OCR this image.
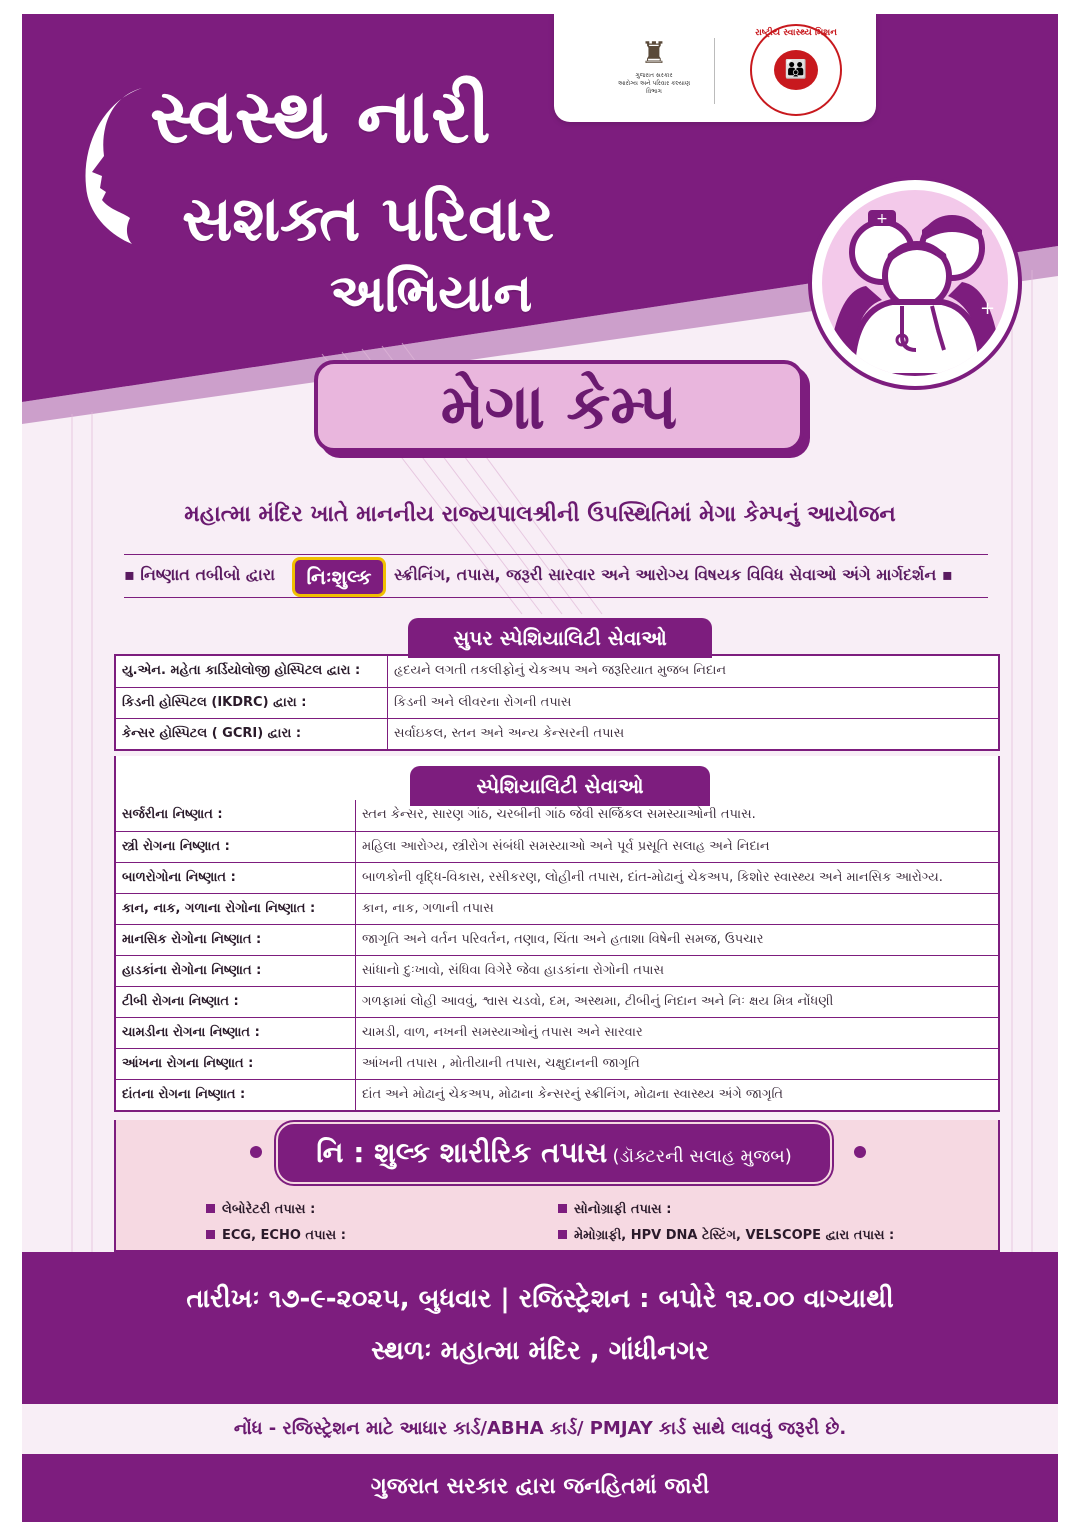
♜
ગુજરાત સરકાર
આરોગ્ય અને પરિવાર કલ્યાણ વિભાગ
રાષ્ટ્રીય સ્વાસ્થ્ય મિશન
👪
સ્વસ્થ નારી
સશક્ત પરિવાર
અભિયાન
+
+
મેગા કેમ્પ
મહાત્મા મંદિર ખાતે માનનીય રાજ્યપાલશ્રીની ઉપસ્થિતિમાં મેગા કેમ્પનું આયોજન
▪ નિષ્ણાત તબીબો દ્વારા	નિઃશુલ્ક	સ્ક્રીનિંગ, તપાસ, જરૂરી સારવાર અને આરોગ્ય વિષયક વિવિધ સેવાઓ અંગે માર્ગદર્શન ▪
યુ.એન. મહેતા કાર્ડિયોલોજી હોસ્પિટલ દ્વારા :	હૃદયને લગતી તકલીફોનું ચેકઅપ અને જરૂરિયાત મુજબ નિદાન
કિડની હોસ્પિટલ (IKDRC) દ્વારા :	કિડની અને લીવરના રોગની તપાસ
કેન્સર હોસ્પિટલ ( GCRI) દ્વારા :	સર્વાઇકલ, સ્તન અને અન્ય કેન્સરની તપાસ
સુપર સ્પેશિયાલિટી સેવાઓ
સર્જરીના નિષ્ણાત :	સ્તન કેન્સર, સારણ ગાંઠ, ચરબીની ગાંઠ જેવી સર્જિકલ સમસ્યાઓની તપાસ.
સ્ત્રી રોગના નિષ્ણાત :	મહિલા આરોગ્ય, સ્ત્રીરોગ સંબંધી સમસ્યાઓ અને પૂર્વ પ્રસૂતિ સલાહ અને નિદાન
બાળરોગોના નિષ્ણાત :	બાળકોની વૃદ્ધિ-વિકાસ, રસીકરણ, લોહીની તપાસ, દાંત-મોઢાનું ચેકઅપ, કિશોર સ્વાસ્થ્ય અને માનસિક આરોગ્ય.
કાન, નાક, ગળાના રોગોના નિષ્ણાત :	કાન, નાક, ગળાની તપાસ
માનસિક રોગોના નિષ્ણાત :	જાગૃતિ અને વર્તન પરિવર્તન, તણાવ, ચિંતા અને હતાશા વિષેની સમજ, ઉપચાર
હાડકાંના રોગોના નિષ્ણાત :	સાંધાનો દુઃખાવો, સંધિવા વિગેરે જેવા હાડકાંના રોગોની તપાસ
ટીબી રોગના નિષ્ણાત :	ગળફામાં લોહી આવવું, શ્વાસ ચડવો, દમ, અસ્થમા, ટીબીનું નિદાન અને નિઃ ક્ષય મિત્ર નોંધણી
ચામડીના રોગના નિષ્ણાત :	ચામડી, વાળ, નખની સમસ્યાઓનું તપાસ અને સારવાર
આંખના રોગના નિષ્ણાત :	આંખની તપાસ , મોતીયાની તપાસ, ચક્ષુદાનની જાગૃતિ
દાંતના રોગના નિષ્ણાત :	દાંત અને મોઢાનું ચેકઅપ, મોઢાના કેન્સરનું સ્ક્રીનિંગ, મોઢાના સ્વાસ્થ્ય અંગે જાગૃતિ
સ્પેશિયાલિટી સેવાઓ
નિ : શુલ્ક શારીરિક તપાસ (ડૉક્ટરની સલાહ મુજબ)
લેબોરેટરી તપાસ :
ECG, ECHO તપાસ :
સોનોગ્રાફી તપાસ :
મેમોગ્રાફી, HPV DNA ટેસ્ટિંગ, VELSCOPE દ્વારા તપાસ :
તારીખઃ ૧૭-૯-૨૦૨૫, બુધવાર | રજિસ્ટ્રેશન : બપોરે ૧૨.૦૦ વાગ્યાથી
સ્થળઃ મહાત્મા મંદિર , ગાંધીનગર
નોંધ - રજિસ્ટ્રેશન માટે આધાર કાર્ડ/ABHA કાર્ડ/ PMJAY કાર્ડ સાથે લાવવું જરૂરી છે.
ગુજરાત સરકાર દ્વારા જનહિતમાં જારી
